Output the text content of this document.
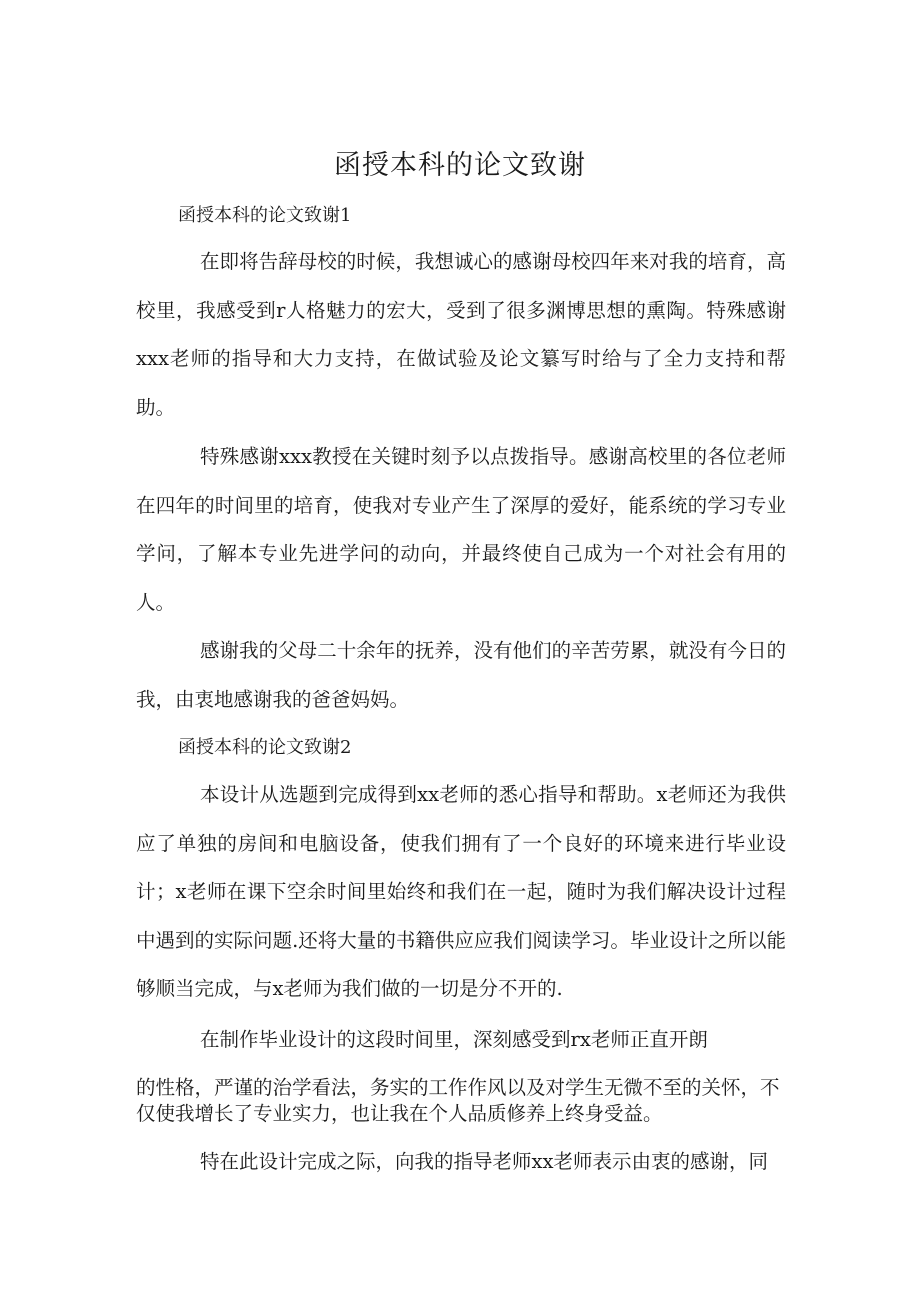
函授本科的论文致谢
函授本科的论文致谢1

在即将告辞母校的时候，我想诚心的感谢母校四年来对我的培育，高校里，我感受到r人格魅力的宏大，受到了很多渊博思想的熏陶。特殊感谢xxx老师的指导和大力支持，在做试验及论文纂写时给与了全力支持和帮助。

特殊感谢xxx教授在关键时刻予以点拨指导。感谢高校里的各位老师在四年的时间里的培育，使我对专业产生了深厚的爱好，能系统的学习专业学问，了解本专业先进学问的动向，并最终使自己成为一个对社会有用的人。

感谢我的父母二十余年的抚养，没有他们的辛苦劳累，就没有今日的我，由衷地感谢我的爸爸妈妈。

函授本科的论文致谢2

本设计从选题到完成得到xx老师的悉心指导和帮助。x老师还为我供应了单独的房间和电脑设备，使我们拥有了一个良好的环境来进行毕业设计；x老师在课下空余时间里始终和我们在一起，随时为我们解决设计过程中遇到的实际问题.还将大量的书籍供应应我们阅读学习。毕业设计之所以能够顺当完成，与x老师为我们做的一切是分不开的.

在制作毕业设计的这段时间里，深刻感受到rx老师正直开朗

的性格，严谨的治学看法，务实的工作作风以及对学生无微不至的关怀，不仅使我增长了专业实力，也让我在个人品质修养上终身受益。

特在此设计完成之际，向我的指导老师xx老师表示由衷的感谢，同
